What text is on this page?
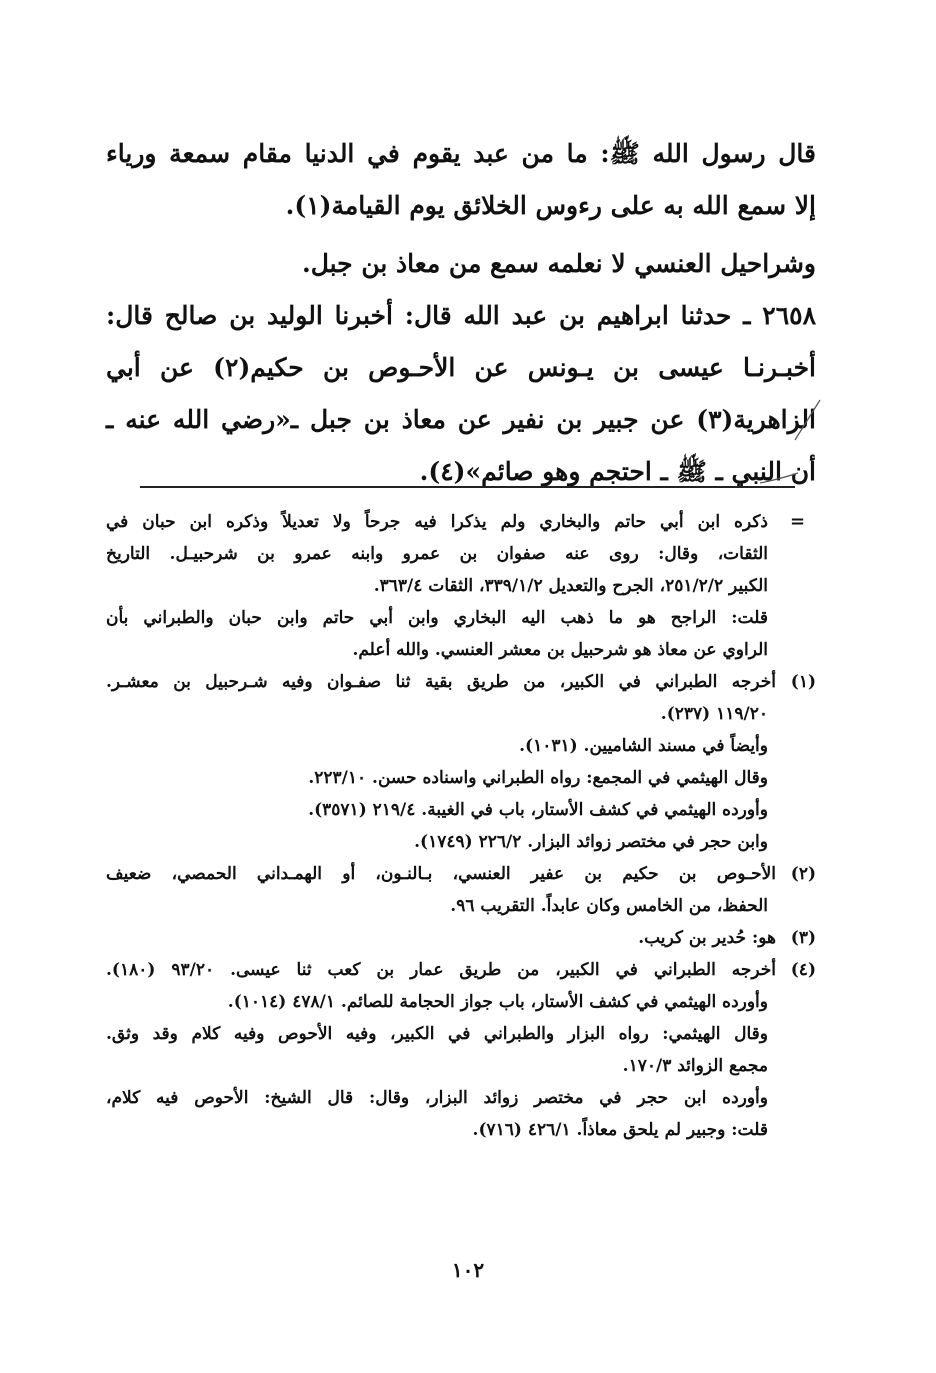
قال رسول الله ﷺ: ما من عبد يقوم في الدنيا مقام سمعة ورياء
إلا سمع الله به على رءوس الخلائق يوم القيامة(١).
وشراحيل العنسي لا نعلمه سمع من معاذ بن جبل.
٢٦٥٨ ـ حدثنا ابراهيم بن عبد الله قال: أخبرنا الوليد بن صالح قال:
أخبـرنـا عيسى بن يـونس عن الأحـوص بن حكيم(٢) عن أبي
الزاهرية(٣) عن جبير بن نفير عن معاذ بن جبل ـ«رضي الله عنه ـ
أن النبي ـ ﷺ ـ احتجم وهو صائم»(٤).
=
ذكره ابن أبي حاتم والبخاري ولم يذكرا فيه جرحاً ولا تعديلاً وذكره ابن حبان في
الثقات، وقال: روى عنه صفوان بن عمرو وابنه عمرو بن شرحبيـل. التاريخ
الكبير ٢٥١/٢/٢، الجرح والتعديل ٣٣٩/١/٢، الثقات ٣٦٣/٤.
قلت: الراجح هو ما ذهب اليه البخاري وابن أبي حاتم وابن حبان والطبراني بأن
الراوي عن معاذ هو شرحبيل بن معشر العنسي. والله أعلم.
(١)أخرجه الطبراني في الكبير، من طريق بقية ثنا صفـوان وفيه شـرحبيل بن معشـر.
١١٩/٢٠ (٢٣٧).
وأيضاً في مسند الشاميين. (١٠٣١).
وقال الهيثمي في المجمع: رواه الطبراني واسناده حسن. ٢٢٣/١٠.
وأورده الهيثمي في كشف الأستار، باب في الغيبة. ٢١٩/٤ (٣٥٧١).
وابن حجر في مختصر زوائد البزار. ٢٢٦/٢ (١٧٤٩).
(٢)الأحـوص بن حكيم بن عفير العنسي، بـالنـون، أو الهمـداني الحمصي، ضعيف
الحفظ، من الخامس وكان عابداً. التقريب ٩٦.
(٣)هو: حُدير بن كريب.
(٤)أخرجه الطبراني في الكبير، من طريق عمار بن كعب ثنا عيسى. ٩٣/٢٠ (١٨٠).
وأورده الهيثمي في كشف الأستار، باب جواز الحجامة للصائم. ٤٧٨/١ (١٠١٤).
وقال الهيثمي: رواه البزار والطبراني في الكبير، وفيه الأحوص وفيه كلام وقد وثق.
مجمع الزوائد ١٧٠/٣.
وأورده ابن حجر في مختصر زوائد البزار، وقال: قال الشيخ: الأحوص فيه كلام،
قلت: وجبير لم يلحق معاذاً. ٤٢٦/١ (٧١٦).
١٠٢
